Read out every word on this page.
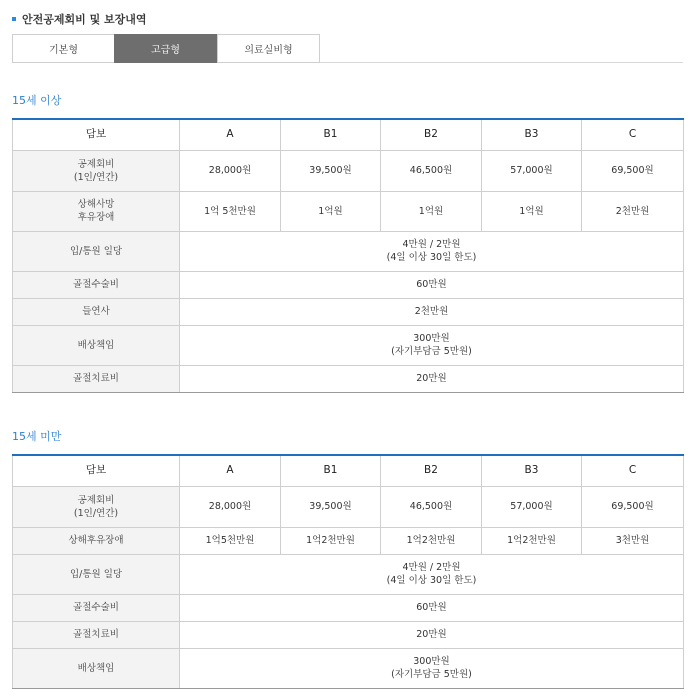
안전공제회비 및 보장내역
기본형	고급형	의료실비형
15세 이상
담보	A	B1	B2	B3	C

공제회비
(1인/연간)	28,000원	39,500원	46,500원	57,000원	69,500원

상해사망
후유장애	1억 5천만원	1억원	1억원	1억원	2천만원
입/통원 일당	4만원 / 2만원
(4일 이상 30일 한도)				

골절수술비	60만원				
들연사	2천만원				
배상책임	300만원
(자기부담금 5만원)				

골절치료비	20만원				
15세 미만
담보	A	B1	B2	B3	C

공제회비
(1인/연간)	28,000원	39,500원	46,500원	57,000원	69,500원
상해후유장애	1억5천만원	1억2천만원	1억2천만원	1억2천만원	3천만원
입/통원 일당	4만원 / 2만원
(4일 이상 30일 한도)				

골절수술비	60만원				
골절치료비	20만원				
배상책임	300만원
(자기부담금 5만원)				
